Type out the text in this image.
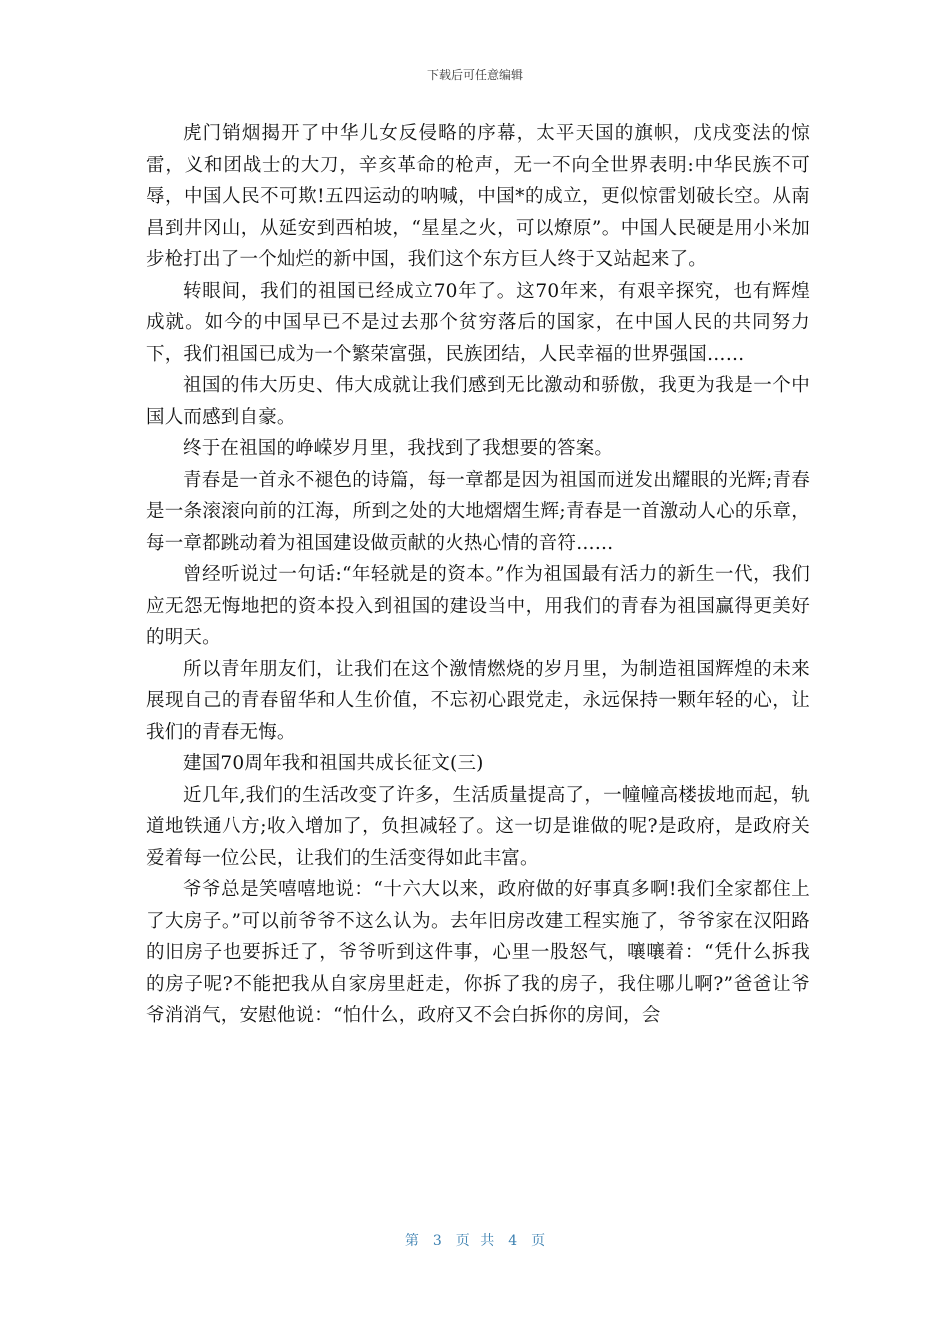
下载后可任意编辑

虎门销烟揭开了中华儿女反侵略的序幕，太平天国的旗帜，戊戌变法的惊雷，义和团战士的大刀，辛亥革命的枪声，无一不向全世界表明:中华民族不可辱，中国人民不可欺!五四运动的呐喊，中国*的成立，更似惊雷划破长空。从南昌到井冈山，从延安到西柏坡，“星星之火，可以燎原”。中国人民硬是用小米加步枪打出了一个灿烂的新中国，我们这个东方巨人终于又站起来了。

转眼间，我们的祖国已经成立70年了。这70年来，有艰辛探究，也有辉煌成就。如今的中国早已不是过去那个贫穷落后的国家，在中国人民的共同努力下，我们祖国已成为一个繁荣富强，民族团结，人民幸福的世界强国……

祖国的伟大历史、伟大成就让我们感到无比激动和骄傲，我更为我是一个中国人而感到自豪。

终于在祖国的峥嵘岁月里，我找到了我想要的答案。

青春是一首永不褪色的诗篇，每一章都是因为祖国而迸发出耀眼的光辉;青春是一条滚滚向前的江海，所到之处的大地熠熠生辉;青春是一首激动人心的乐章，每一章都跳动着为祖国建设做贡献的火热心情的音符……

曾经听说过一句话:“年轻就是的资本。”作为祖国最有活力的新生一代，我们应无怨无悔地把的资本投入到祖国的建设当中，用我们的青春为祖国赢得更美好的明天。

所以青年朋友们，让我们在这个激情燃烧的岁月里，为制造祖国辉煌的未来展现自己的青春留华和人生价值，不忘初心跟党走，永远保持一颗年轻的心，让我们的青春无悔。

建国70周年我和祖国共成长征文(三)

近几年,我们的生活改变了许多，生活质量提高了，一幢幢高楼拔地而起，轨道地铁通八方;收入增加了，负担减轻了。这一切是谁做的呢?是政府，是政府关爱着每一位公民，让我们的生活变得如此丰富。

爷爷总是笑嘻嘻地说：“十六大以来，政府做的好事真多啊!我们全家都住上了大房子。”可以前爷爷不这么认为。去年旧房改建工程实施了，爷爷家在汉阳路的旧房子也要拆迁了，爷爷听到这件事，心里一股怒气，嚷嚷着：“凭什么拆我的房子呢?不能把我从自家房里赶走，你拆了我的房子，我住哪儿啊?”爸爸让爷爷消消气，安慰他说：“怕什么，政府又不会白拆你的房间，会

第 3 页 共 4 页
